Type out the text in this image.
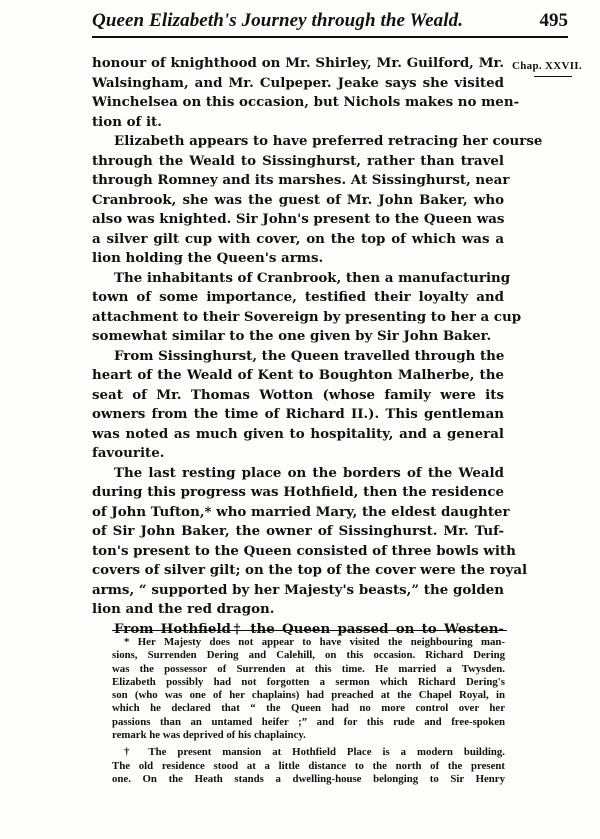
Queen Elizabeth's Journey through the Weald.	495
Chap. XXVII.
honour of knighthood on Mr. Shirley, Mr. Guilford, Mr.
Walsingham, and Mr. Culpeper. Jeake says she visited
Winchelsea on this occasion, but Nichols makes no men-
tion of it.
Elizabeth appears to have preferred retracing her course
through the Weald to Sissinghurst, rather than travel
through Romney and its marshes. At Sissinghurst, near
Cranbrook, she was the guest of Mr. John Baker, who
also was knighted. Sir John's present to the Queen was
a silver gilt cup with cover, on the top of which was a
lion holding the Queen's arms.
The inhabitants of Cranbrook, then a manufacturing
town of some importance, testified their loyalty and
attachment to their Sovereign by presenting to her a cup
somewhat similar to the one given by Sir John Baker.
From Sissinghurst, the Queen travelled through the
heart of the Weald of Kent to Boughton Malherbe, the
seat of Mr. Thomas Wotton (whose family were its
owners from the time of Richard II.). This gentleman
was noted as much given to hospitality, and a general
favourite.
The last resting place on the borders of the Weald
during this progress was Hothfield, then the residence
of John Tufton,* who married Mary, the eldest daughter
of Sir John Baker, the owner of Sissinghurst. Mr. Tuf-
ton's present to the Queen consisted of three bowls with
covers of silver gilt; on the top of the cover were the royal
arms, “ supported by her Majesty's beasts,” the golden
lion and the red dragon.
From Hothfield† the Queen passed on to Westen-
* Her Majesty does not appear to have visited the neighbouring man-
sions, Surrenden Dering and Calehill, on this occasion. Richard Dering
was the possessor of Surrenden at this time. He married a Twysden.
Elizabeth possibly had not forgotten a sermon which Richard Dering's
son (who was one of her chaplains) had preached at the Chapel Royal, in
which he declared that “ the Queen had no more control over her
passions than an untamed heifer ;” and for this rude and free-spoken
remark he was deprived of his chaplaincy.
† The present mansion at Hothfield Place is a modern building.
The old residence stood at a little distance to the north of the present
one. On the Heath stands a dwelling-house belonging to Sir Henry
